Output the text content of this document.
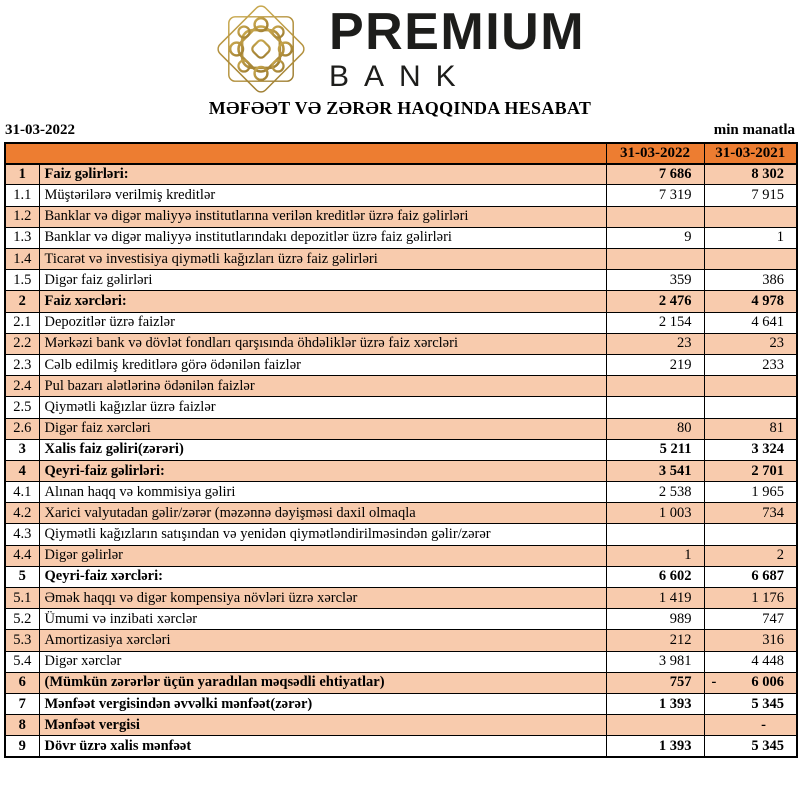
PREMIUM
BANK
MƏFƏƏT VƏ ZƏRƏR HAQQINDA HESABAT
31-03-2022	min manatla
		31-03-2022	31-03-2021
1	Faiz gəlirləri:	7 686	8 302
1.1	Müştərilərə verilmiş kreditlər	7 319	7 915
1.2	Banklar və digər maliyyə institutlarına verilən kreditlər üzrə faiz gəlirləri		
1.3	Banklar və digər maliyyə institutlarındakı depozitlər üzrə faiz gəlirləri	9	1
1.4	Ticarət və investisiya qiymətli kağızları üzrə faiz gəlirləri		
1.5	Digər faiz gəlirləri	359	386
2	Faiz xərcləri:	2 476	4 978
2.1	Depozitlər üzrə faizlər	2 154	4 641
2.2	Mərkəzi bank və dövlət fondları qarşısında öhdəliklər üzrə faiz xərcləri	23	23
2.3	Cəlb edilmiş kreditlərə görə ödənilən faizlər	219	233
2.4	Pul bazarı alətlərinə ödənilən faizlər		
2.5	Qiymətli kağızlar üzrə faizlər		
2.6	Digər faiz xərcləri	80	81
3	Xalis faiz gəliri(zərəri)	5 211	3 324
4	Qeyri-faiz gəlirləri:	3 541	2 701
4.1	Alınan haqq və kommisiya gəliri	2 538	1 965
4.2	Xarici valyutadan gəlir/zərər (məzənnə dəyişməsi daxil olmaqla	1 003	734
4.3	Qiymətli kağızların satışından və yenidən qiymətləndirilməsindən gəlir/zərər		
4.4	Digər gəlirlər	1	2
5	Qeyri-faiz xərcləri:	6 602	6 687
5.1	Əmək haqqı və digər kompensiya növləri üzrə xərclər	1 419	1 176
5.2	Ümumi və inzibati xərclər	989	747
5.3	Amortizasiya xərcləri	212	316
5.4	Digər xərclər	3 981	4 448
6	(Mümkün zərərlər üçün yaradılan məqsədli ehtiyatlar)	757	- 6 006

7	Mənfəət vergisindən əvvəlki mənfəət(zərər)	1 393	5 345
8	Mənfəət vergisi		-
9	Dövr üzrə xalis mənfəət	1 393	5 345
